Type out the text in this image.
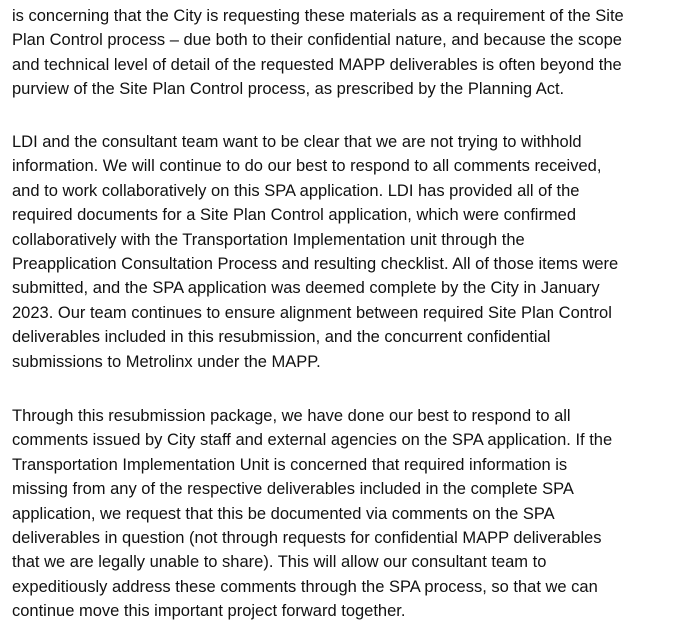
is concerning that the City is requesting these materials as a requirement of the Site
Plan Control process – due both to their confidential nature, and because the scope
and technical level of detail of the requested MAPP deliverables is often beyond the
purview of the Site Plan Control process, as prescribed by the Planning Act.

LDI and the consultant team want to be clear that we are not trying to withhold
information. We will continue to do our best to respond to all comments received,
and to work collaboratively on this SPA application. LDI has provided all of the
required documents for a Site Plan Control application, which were confirmed
collaboratively with the Transportation Implementation unit through the
Preapplication Consultation Process and resulting checklist. All of those items were
submitted, and the SPA application was deemed complete by the City in January
2023. Our team continues to ensure alignment between required Site Plan Control
deliverables included in this resubmission, and the concurrent confidential
submissions to Metrolinx under the MAPP.

Through this resubmission package, we have done our best to respond to all
comments issued by City staff and external agencies on the SPA application. If the
Transportation Implementation Unit is concerned that required information is
missing from any of the respective deliverables included in the complete SPA
application, we request that this be documented via comments on the SPA
deliverables in question (not through requests for confidential MAPP deliverables
that we are legally unable to share). This will allow our consultant team to
expeditiously address these comments through the SPA process, so that we can
continue move this important project forward together.
